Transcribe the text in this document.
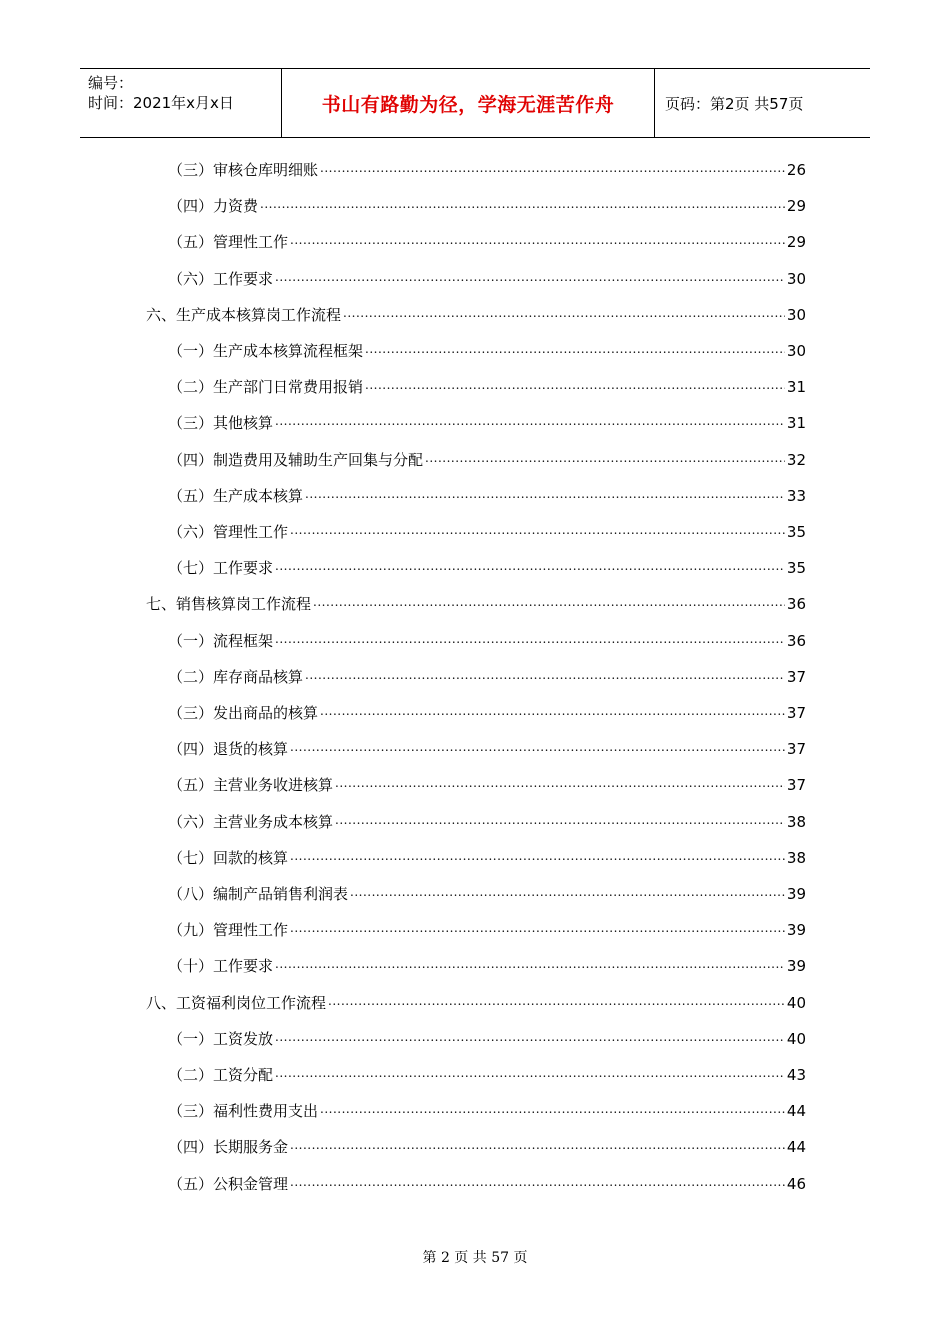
编号：
时间：2021年x月x日	书山有路勤为径，学海无涯苦作舟	页码：第2页 共57页
（三）审核仓库明细账 .....	26
（四）力资费 .....	29
（五）管理性工作 .....	29
（六）工作要求 .....	30
六、生产成本核算岗工作流程 .....	30
（一）生产成本核算流程框架 .....	30
（二）生产部门日常费用报销 .....	31
（三）其他核算 .....	31
（四）制造费用及辅助生产回集与分配 .....	32
（五）生产成本核算 .....	33
（六）管理性工作 .....	35
（七）工作要求 .....	35
七、销售核算岗工作流程 .....	36
（一）流程框架 .....	36
（二）库存商品核算 .....	37
（三）发出商品的核算 .....	37
（四）退货的核算 .....	37
（五）主营业务收进核算 .....	37
（六）主营业务成本核算 .....	38
（七）回款的核算 .....	38
（八）编制产品销售利润表 .....	39
（九）管理性工作 .....	39
（十）工作要求 .....	39
八、工资福利岗位工作流程 .....	40
（一）工资发放 .....	40
（二）工资分配 .....	43
（三）福利性费用支出 .....	44
（四）长期服务金 .....	44
（五）公积金管理 .....	46
第 2 页 共 57 页
